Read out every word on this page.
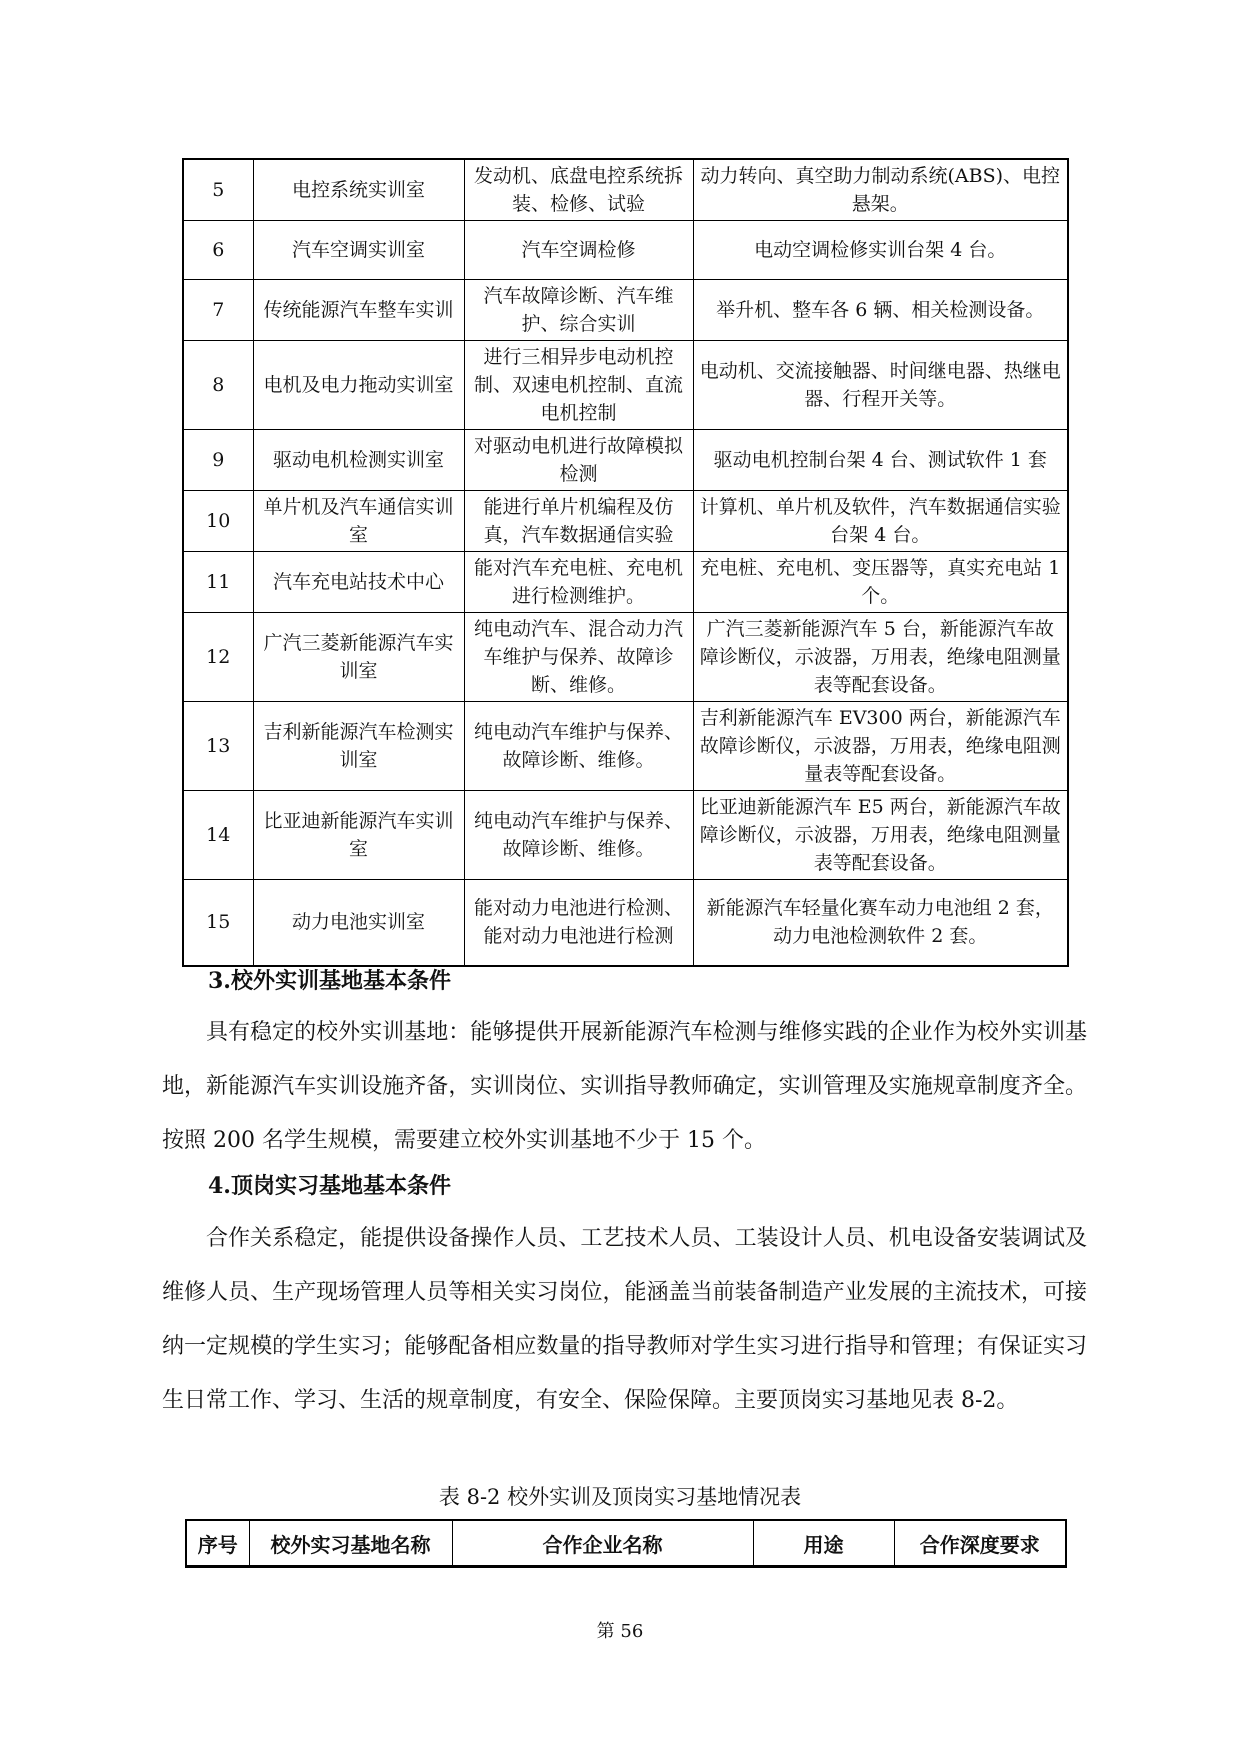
5	电控系统实训室	发动机、底盘电控系统拆装、检修、试验	动力转向、真空助力制动系统(ABS)、电控悬架。
6	汽车空调实训室	汽车空调检修	电动空调检修实训台架 4 台。
7	传统能源汽车整车实训	汽车故障诊断、汽车维护、综合实训	举升机、整车各 6 辆、相关检测设备。
8	电机及电力拖动实训室	进行三相异步电动机控制、双速电机控制、直流电机控制	电动机、交流接触器、时间继电器、热继电器、行程开关等。
9	驱动电机检测实训室	对驱动电机进行故障模拟检测	驱动电机控制台架 4 台、测试软件 1 套
10	单片机及汽车通信实训室	能进行单片机编程及仿真，汽车数据通信实验	计算机、单片机及软件，汽车数据通信实验台架 4 台。
11	汽车充电站技术中心	能对汽车充电桩、充电机进行检测维护。	充电桩、充电机、变压器等，真实充电站 1 个。
12	广汽三菱新能源汽车实训室	纯电动汽车、混合动力汽车维护与保养、故障诊断、维修。	广汽三菱新能源汽车 5 台，新能源汽车故障诊断仪，示波器，万用表，绝缘电阻测量表等配套设备。
13	吉利新能源汽车检测实训室	纯电动汽车维护与保养、故障诊断、维修。	吉利新能源汽车 EV300 两台，新能源汽车故障诊断仪，示波器，万用表，绝缘电阻测量表等配套设备。
14	比亚迪新能源汽车实训室	纯电动汽车维护与保养、故障诊断、维修。	比亚迪新能源汽车 E5 两台，新能源汽车故障诊断仪，示波器，万用表，绝缘电阻测量表等配套设备。
15	动力电池实训室	能对动力电池进行检测、能对动力电池进行检测	新能源汽车轻量化赛车动力电池组 2 套，动力电池检测软件 2 套。
3.校外实训基地基本条件

具有稳定的校外实训基地：能够提供开展新能源汽车检测与维修实践的企业作为校外实训基地，新能源汽车实训设施齐备，实训岗位、实训指导教师确定，实训管理及实施规章制度齐全。按照 200 名学生规模，需要建立校外实训基地不少于 15 个。

4.顶岗实习基地基本条件

合作关系稳定，能提供设备操作人员、工艺技术人员、工装设计人员、机电设备安装调试及维修人员、生产现场管理人员等相关实习岗位，能涵盖当前装备制造产业发展的主流技术，可接纳一定规模的学生实习；能够配备相应数量的指导教师对学生实习进行指导和管理；有保证实习生日常工作、学习、生活的规章制度，有安全、保险保障。主要顶岗实习基地见表 8-2。

表 8-2 校外实训及顶岗实习基地情况表
序号	校外实习基地名称	合作企业名称	用途	合作深度要求
第 56
